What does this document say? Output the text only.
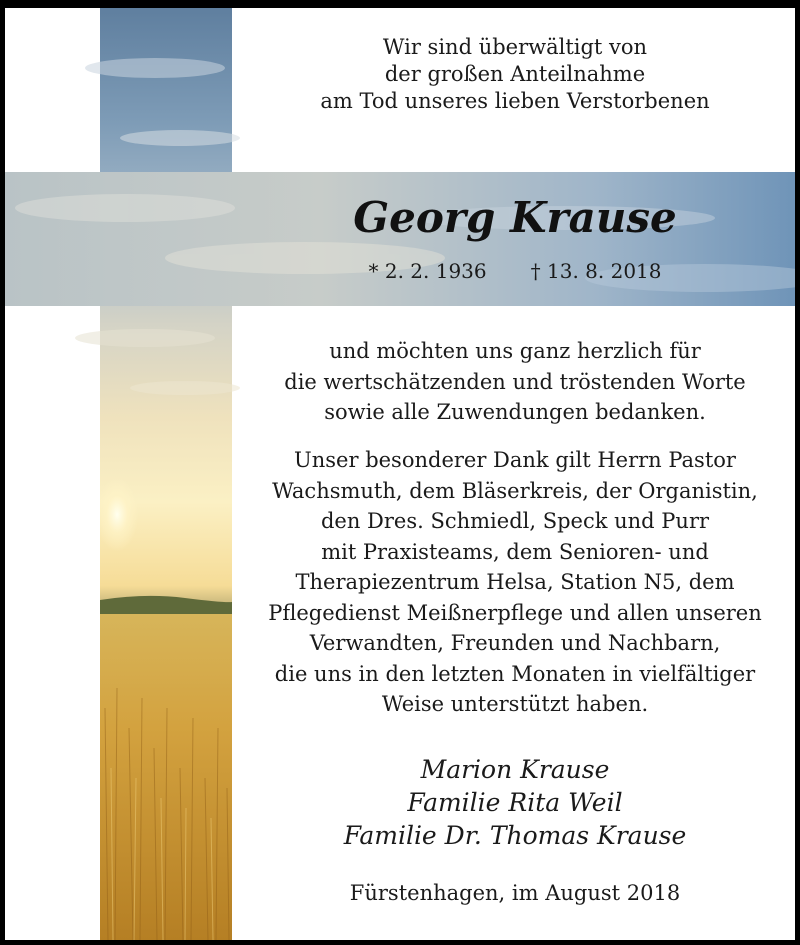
Wir sind überwältigt von
der großen Anteilnahme
am Tod unseres lieben Verstorbenen
Georg Krause
* 2. 2. 1936 † 13. 8. 2018
und möchten uns ganz herzlich für
die wertschätzenden und tröstenden Worte
sowie alle Zuwendungen bedanken.
Unser besonderer Dank gilt Herrn Pastor
Wachsmuth, dem Bläserkreis, der Organistin,
den Dres. Schmiedl, Speck und Purr
mit Praxisteams, dem Senioren- und
Therapiezentrum Helsa, Station N5, dem
Pflegedienst Meißnerpflege und allen unseren
Verwandten, Freunden und Nachbarn,
die uns in den letzten Monaten in vielfältiger
Weise unterstützt haben.
Marion Krause
Familie Rita Weil
Familie Dr. Thomas Krause
Fürstenhagen, im August 2018
